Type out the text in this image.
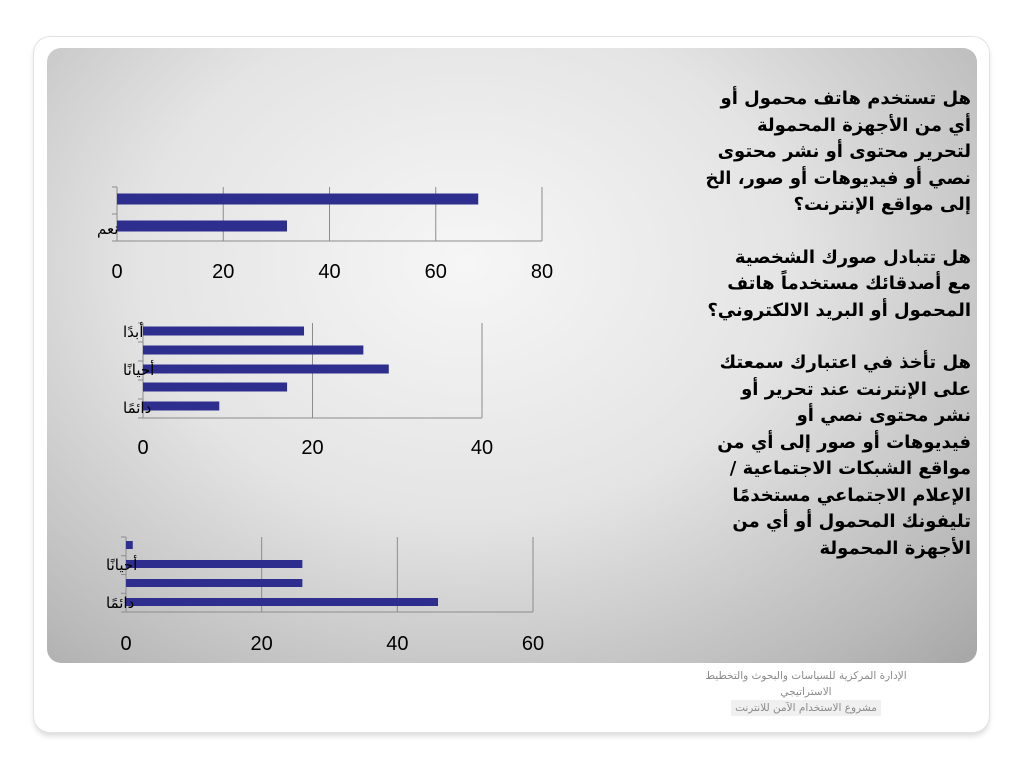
0	20	40	60	80
نعم
0	20	40
أبدًا
أحيانًا
دائمًا
0	20	40	60
أحيانًا
دائمًا

هل تستخدم هاتف محمول أو
أي من الأجهزة المحمولة
لتحرير محتوى أو نشر محتوى
نصي أو فيديوهات أو صور، الخ
إلى مواقع الإنترنت؟

هل تتبادل صورك الشخصية
مع أصدقائك مستخدماً هاتف
المحمول أو البريد الالكتروني؟

هل تأخذ في اعتبارك سمعتك
على الإنترنت عند تحرير أو
نشر محتوى نصي أو
فيديوهات أو صور إلى أي من
مواقع الشبكات الاجتماعية /
الإعلام الاجتماعي مستخدمًا
تليفونك المحمول أو أي من
الأجهزة المحمولة

الإدارة المركزية للسياسات والبحوث والتخطيط
الاستراتيجي
مشروع الاستخدام الآمن للانترنت
